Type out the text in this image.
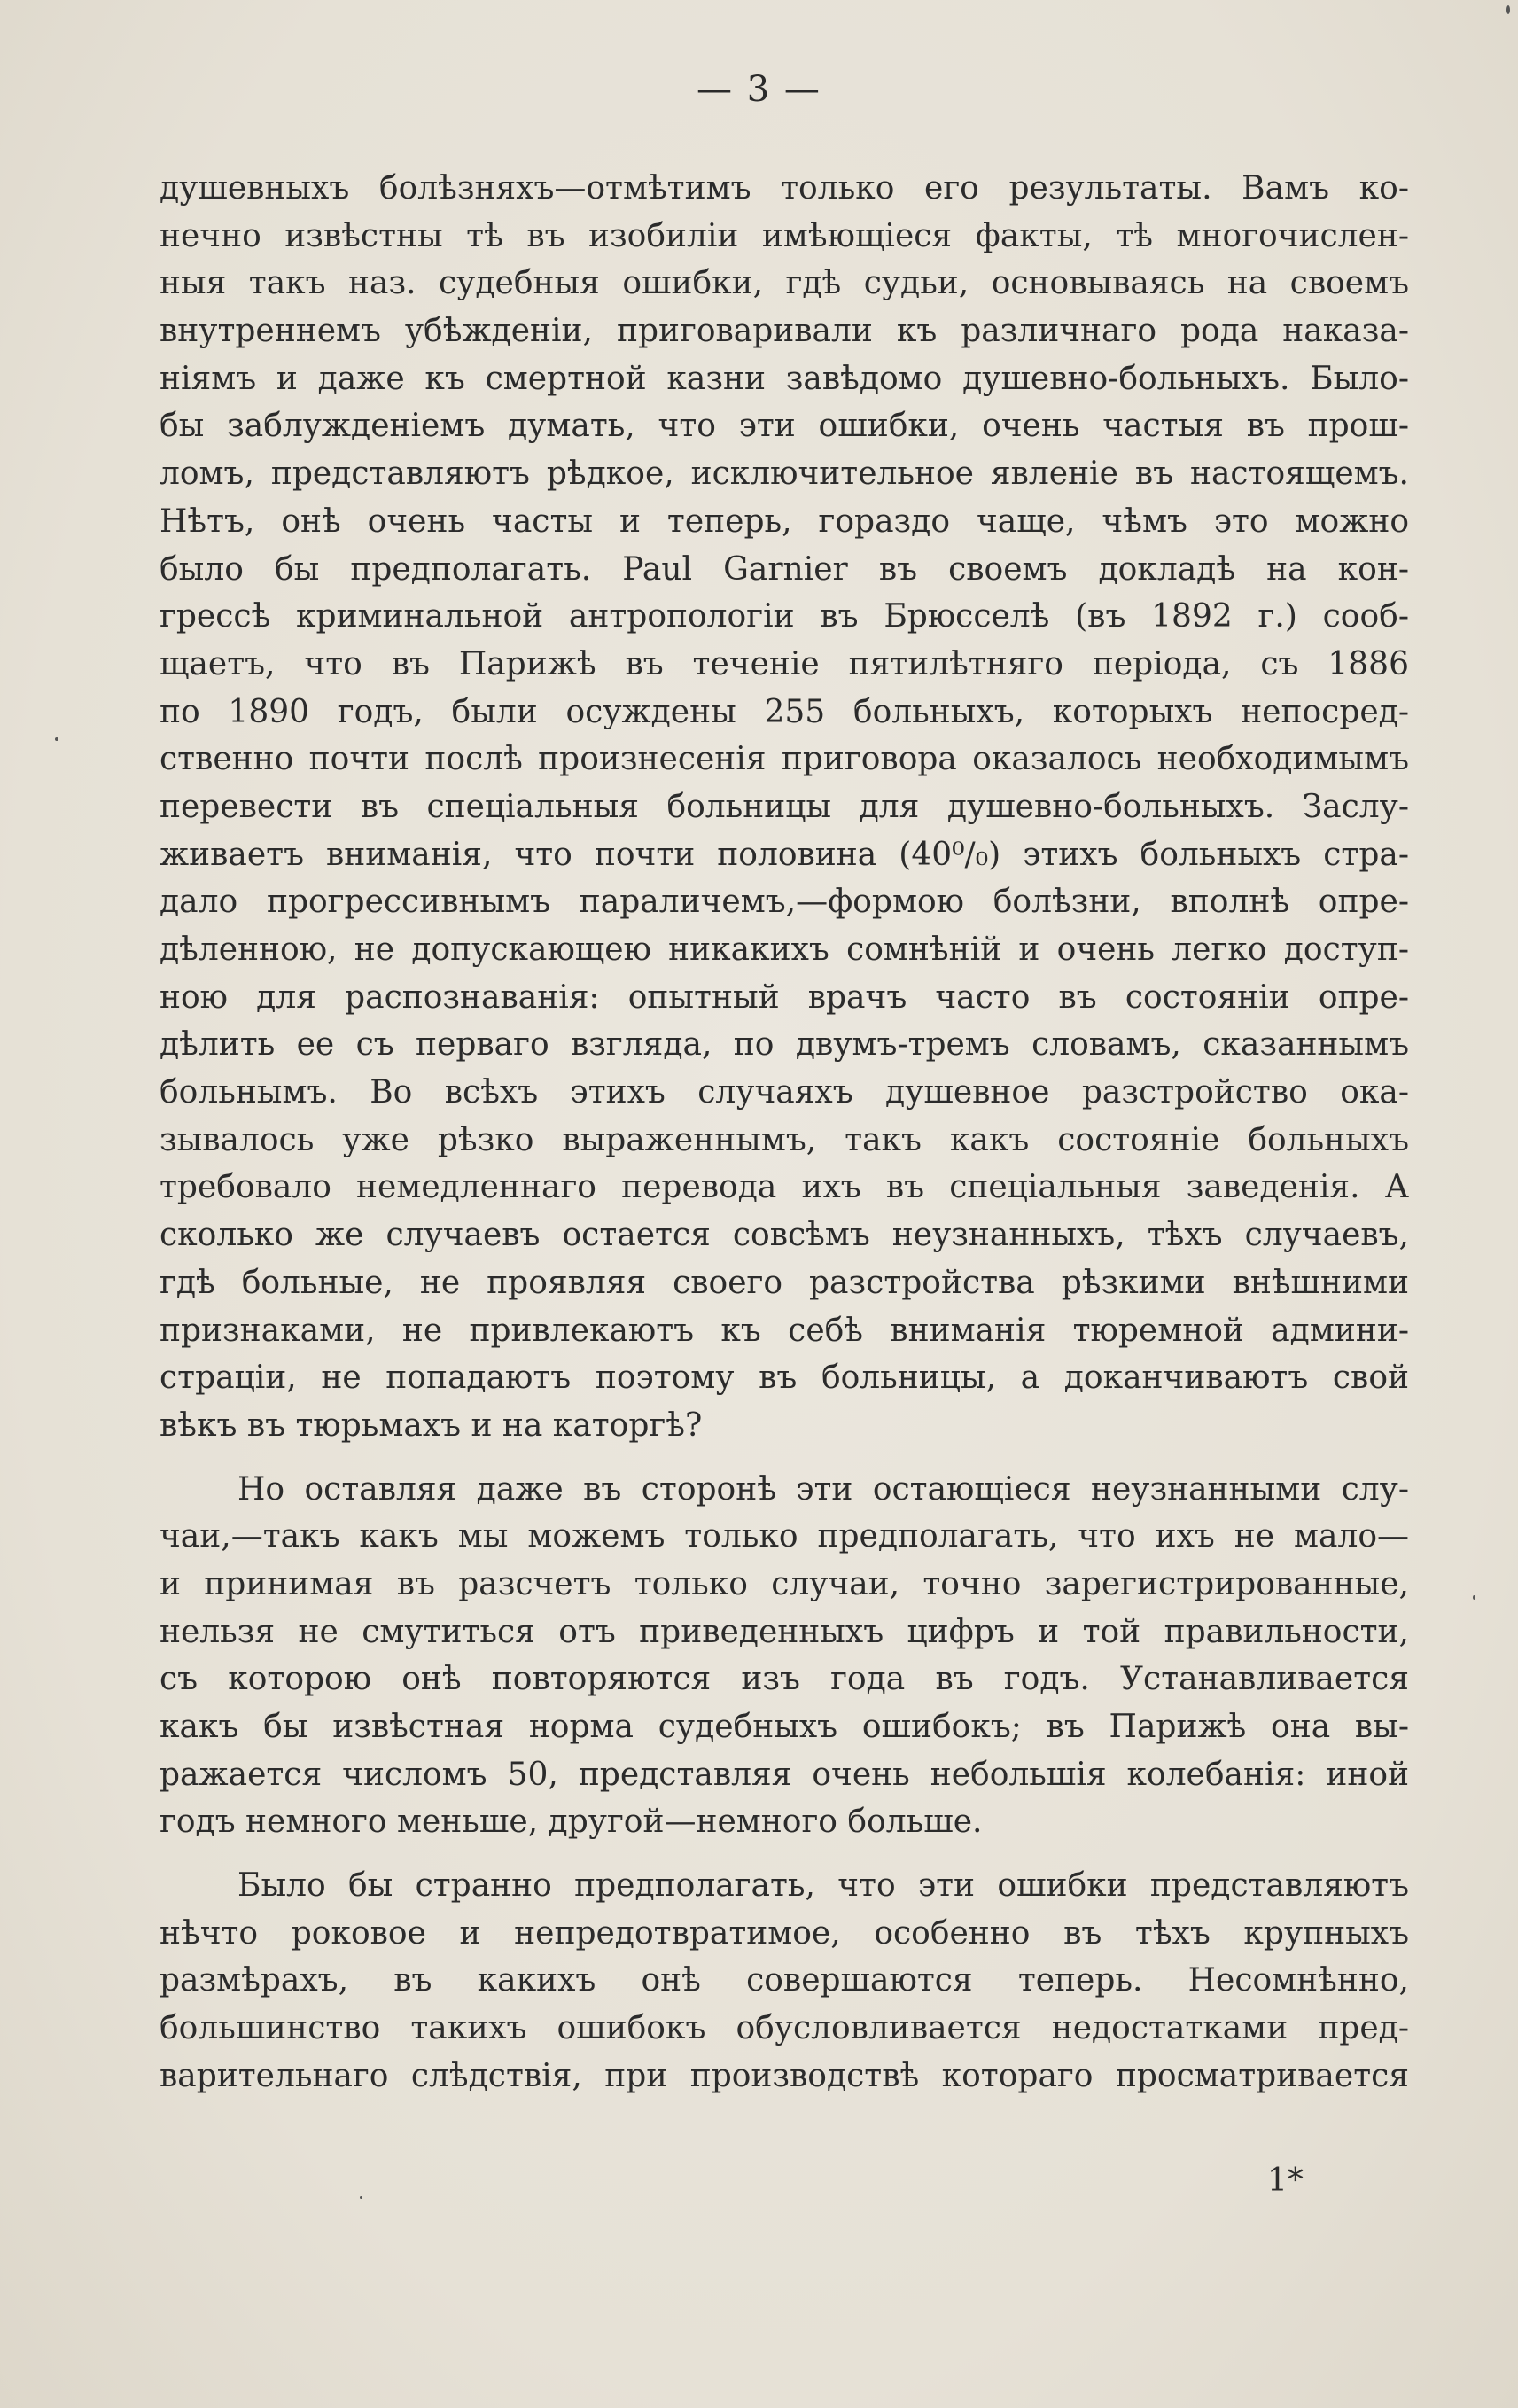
— 3 —
душевныхъ болѣзняхъ—отмѣтимъ только его результаты. Вамъ ко-
нечно извѣстны тѣ въ изобиліи имѣющіеся факты, тѣ многочислен-
ныя такъ наз. судебныя ошибки, гдѣ судьи, основываясь на своемъ
внутреннемъ убѣжденіи, приговаривали къ различнаго рода наказа-
ніямъ и даже къ смертной казни завѣдомо душевно-больныхъ. Было-
бы заблужденіемъ думать, что эти ошибки, очень частыя въ прош-
ломъ, представляютъ рѣдкое, исключительное явленіе въ настоящемъ.
Нѣтъ, онѣ очень часты и теперь, гораздо чаще, чѣмъ это можно
было бы предполагать. Paul Garnier въ своемъ докладѣ на кон-
грессѣ криминальной антропологіи въ Брюсселѣ (въ 1892 г.) сооб-
щаетъ, что въ Парижѣ въ теченіе пятилѣтняго періода, съ 1886
по 1890 годъ, были осуждены 255 больныхъ, которыхъ непосред-
ственно почти послѣ произнесенія приговора оказалось необходимымъ
перевести въ спеціальныя больницы для душевно-больныхъ. Заслу-
живаетъ вниманія, что почти половина (40⁰/₀) этихъ больныхъ стра-
дало прогрессивнымъ параличемъ,—формою болѣзни, вполнѣ опре-
дѣленною, не допускающею никакихъ сомнѣній и очень легко доступ-
ною для распознаванія: опытный врачъ часто въ состояніи опре-
дѣлить ее съ перваго взгляда, по двумъ-тремъ словамъ, сказаннымъ
больнымъ. Во всѣхъ этихъ случаяхъ душевное разстройство ока-
зывалось уже рѣзко выраженнымъ, такъ какъ состояніе больныхъ
требовало немедленнаго перевода ихъ въ спеціальныя заведенія. А
сколько же случаевъ остается совсѣмъ неузнанныхъ, тѣхъ случаевъ,
гдѣ больные, не проявляя своего разстройства рѣзкими внѣшними
признаками, не привлекаютъ къ себѣ вниманія тюремной админи-
страціи, не попадаютъ поэтому въ больницы, а доканчиваютъ свой
вѣкъ въ тюрьмахъ и на каторгѣ?
Но оставляя даже въ сторонѣ эти остающіеся неузнанными слу-
чаи,—такъ какъ мы можемъ только предполагать, что ихъ не мало—
и принимая въ разсчетъ только случаи, точно зарегистрированные,
нельзя не смутиться отъ приведенныхъ цифръ и той правильности,
съ которою онѣ повторяются изъ года въ годъ. Устанавливается
какъ бы извѣстная норма судебныхъ ошибокъ; въ Парижѣ она вы-
ражается числомъ 50, представляя очень небольшія колебанія: иной
годъ немного меньше, другой—немного больше.
Было бы странно предполагать, что эти ошибки представляютъ
нѣчто роковое и непредотвратимое, особенно въ тѣхъ крупныхъ
размѣрахъ, въ какихъ онѣ совершаются теперь. Несомнѣнно,
большинство такихъ ошибокъ обусловливается недостатками пред-
варительнаго слѣдствія, при производствѣ котораго просматривается
1*
